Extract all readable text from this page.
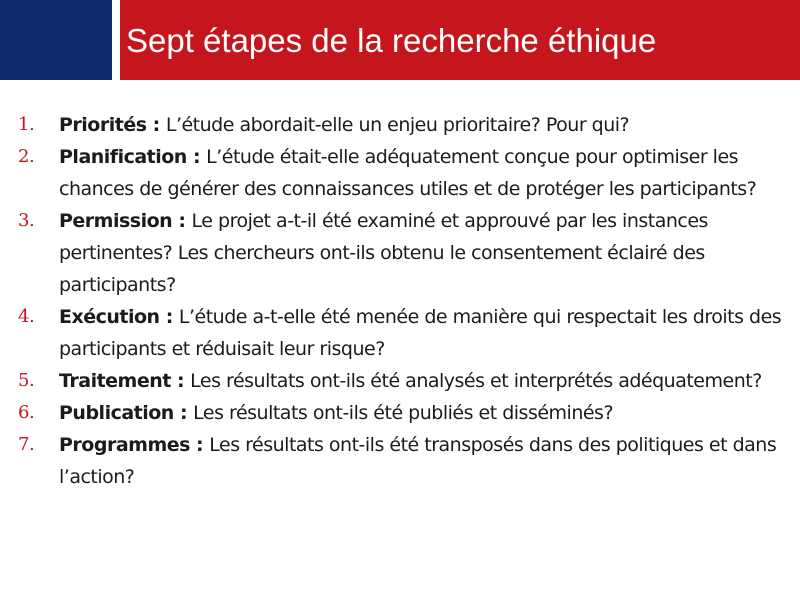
Sept étapes de la recherche éthique
1.	Priorités : L’étude abordait-elle un enjeu prioritaire? Pour qui?
2.	Planification : L’étude était-elle adéquatement conçue pour optimiser les chances de générer des connaissances utiles et de protéger les participants?
3.	Permission : Le projet a-t-il été examiné et approuvé par les instances pertinentes? Les chercheurs ont-ils obtenu le consentement éclairé des participants?
4.	Exécution : L’étude a-t-elle été menée de manière qui respectait les droits des participants et réduisait leur risque?
5.	Traitement : Les résultats ont-ils été analysés et interprétés adéquatement?
6.	Publication : Les résultats ont-ils été publiés et disséminés?
7.	Programmes : Les résultats ont-ils été transposés dans des politiques et dans l’action?
